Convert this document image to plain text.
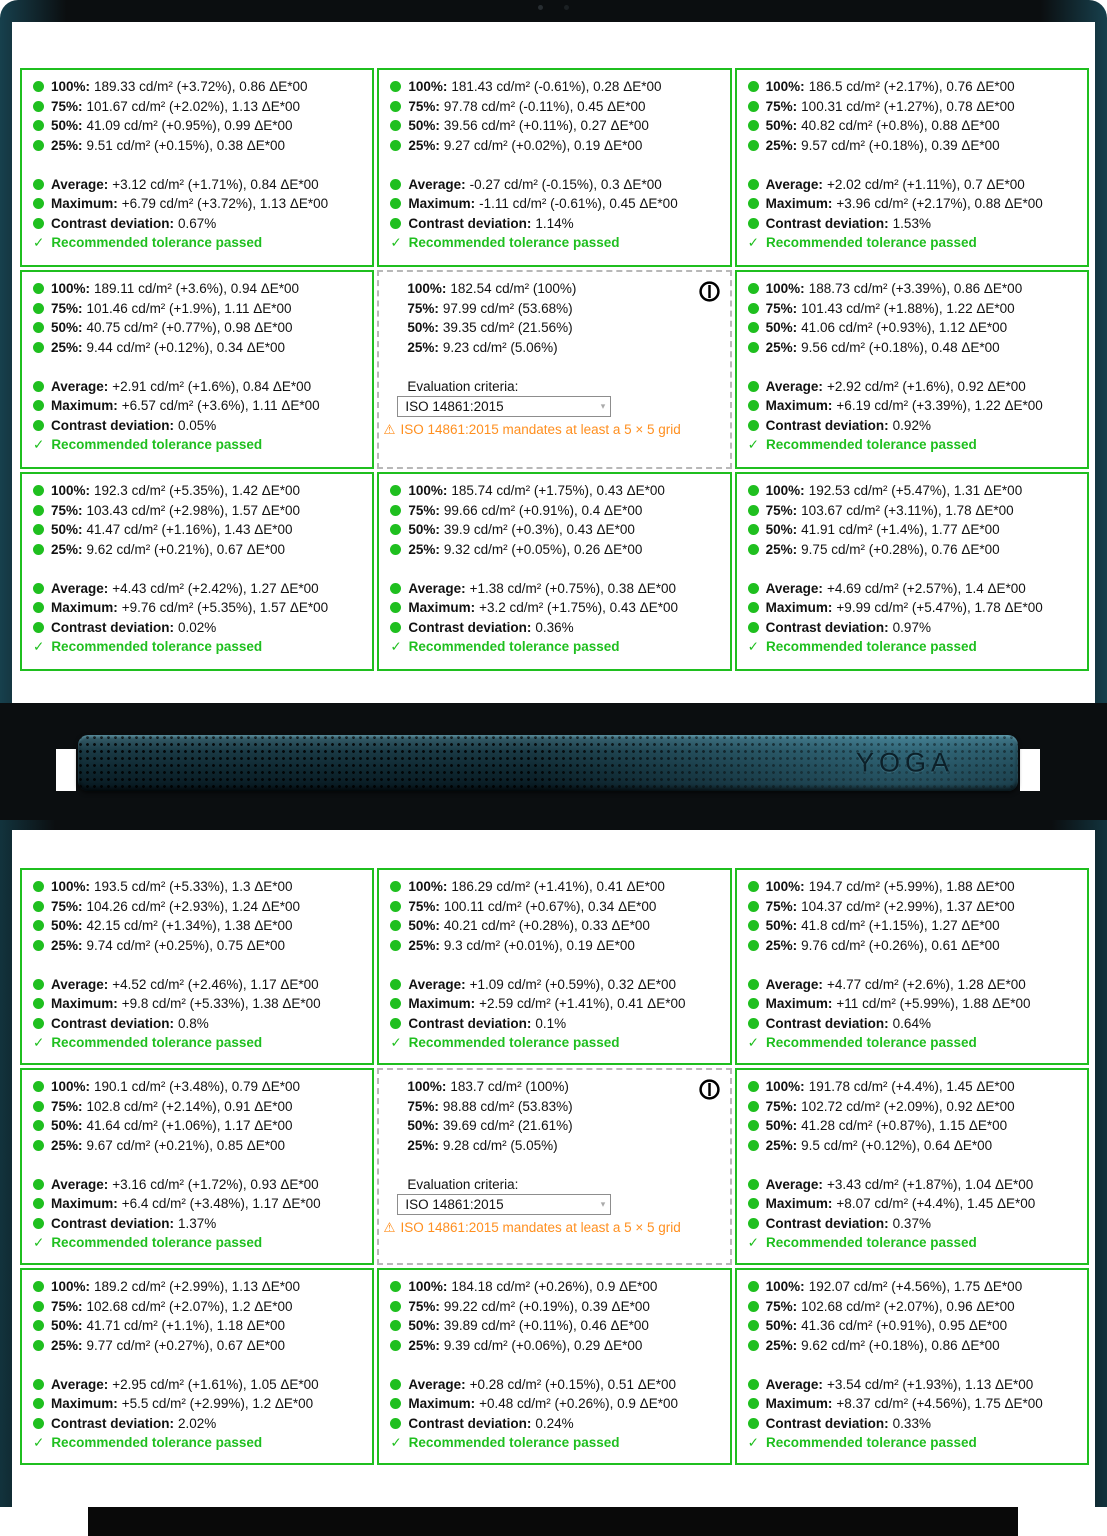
100%: 189.33 cd/m² (+3.72%), 0.86 ΔE*00
75%: 101.67 cd/m² (+2.02%), 1.13 ΔE*00
50%: 41.09 cd/m² (+0.95%), 0.99 ΔE*00
25%: 9.51 cd/m² (+0.15%), 0.38 ΔE*00
Average: +3.12 cd/m² (+1.71%), 0.84 ΔE*00
Maximum: +6.79 cd/m² (+3.72%), 1.13 ΔE*00
Contrast deviation: 0.67%
✓ Recommended tolerance passed
100%: 181.43 cd/m² (-0.61%), 0.28 ΔE*00
75%: 97.78 cd/m² (-0.11%), 0.45 ΔE*00
50%: 39.56 cd/m² (+0.11%), 0.27 ΔE*00
25%: 9.27 cd/m² (+0.02%), 0.19 ΔE*00
Average: -0.27 cd/m² (-0.15%), 0.3 ΔE*00
Maximum: -1.11 cd/m² (-0.61%), 0.45 ΔE*00
Contrast deviation: 1.14%
✓ Recommended tolerance passed
100%: 186.5 cd/m² (+2.17%), 0.76 ΔE*00
75%: 100.31 cd/m² (+1.27%), 0.78 ΔE*00
50%: 40.82 cd/m² (+0.8%), 0.88 ΔE*00
25%: 9.57 cd/m² (+0.18%), 0.39 ΔE*00
Average: +2.02 cd/m² (+1.11%), 0.7 ΔE*00
Maximum: +3.96 cd/m² (+2.17%), 0.88 ΔE*00
Contrast deviation: 1.53%
✓ Recommended tolerance passed
100%: 189.11 cd/m² (+3.6%), 0.94 ΔE*00
75%: 101.46 cd/m² (+1.9%), 1.11 ΔE*00
50%: 40.75 cd/m² (+0.77%), 0.98 ΔE*00
25%: 9.44 cd/m² (+0.12%), 0.34 ΔE*00
Average: +2.91 cd/m² (+1.6%), 0.84 ΔE*00
Maximum: +6.57 cd/m² (+3.6%), 1.11 ΔE*00
Contrast deviation: 0.05%
✓ Recommended tolerance passed
100%: 182.54 cd/m² (100%)
75%: 97.99 cd/m² (53.68%)
50%: 39.35 cd/m² (21.56%)
25%: 9.23 cd/m² (5.06%)
Evaluation criteria:
ISO 14861:2015	▾
⚠ ISO 14861:2015 mandates at least a 5 × 5 grid
100%: 188.73 cd/m² (+3.39%), 0.86 ΔE*00
75%: 101.43 cd/m² (+1.88%), 1.22 ΔE*00
50%: 41.06 cd/m² (+0.93%), 1.12 ΔE*00
25%: 9.56 cd/m² (+0.18%), 0.48 ΔE*00
Average: +2.92 cd/m² (+1.6%), 0.92 ΔE*00
Maximum: +6.19 cd/m² (+3.39%), 1.22 ΔE*00
Contrast deviation: 0.92%
✓ Recommended tolerance passed
100%: 192.3 cd/m² (+5.35%), 1.42 ΔE*00
75%: 103.43 cd/m² (+2.98%), 1.57 ΔE*00
50%: 41.47 cd/m² (+1.16%), 1.43 ΔE*00
25%: 9.62 cd/m² (+0.21%), 0.67 ΔE*00
Average: +4.43 cd/m² (+2.42%), 1.27 ΔE*00
Maximum: +9.76 cd/m² (+5.35%), 1.57 ΔE*00
Contrast deviation: 0.02%
✓ Recommended tolerance passed
100%: 185.74 cd/m² (+1.75%), 0.43 ΔE*00
75%: 99.66 cd/m² (+0.91%), 0.4 ΔE*00
50%: 39.9 cd/m² (+0.3%), 0.43 ΔE*00
25%: 9.32 cd/m² (+0.05%), 0.26 ΔE*00
Average: +1.38 cd/m² (+0.75%), 0.38 ΔE*00
Maximum: +3.2 cd/m² (+1.75%), 0.43 ΔE*00
Contrast deviation: 0.36%
✓ Recommended tolerance passed
100%: 192.53 cd/m² (+5.47%), 1.31 ΔE*00
75%: 103.67 cd/m² (+3.11%), 1.78 ΔE*00
50%: 41.91 cd/m² (+1.4%), 1.77 ΔE*00
25%: 9.75 cd/m² (+0.28%), 0.76 ΔE*00
Average: +4.69 cd/m² (+2.57%), 1.4 ΔE*00
Maximum: +9.99 cd/m² (+5.47%), 1.78 ΔE*00
Contrast deviation: 0.97%
✓ Recommended tolerance passed
YOGA
100%: 193.5 cd/m² (+5.33%), 1.3 ΔE*00
75%: 104.26 cd/m² (+2.93%), 1.24 ΔE*00
50%: 42.15 cd/m² (+1.34%), 1.38 ΔE*00
25%: 9.74 cd/m² (+0.25%), 0.75 ΔE*00
Average: +4.52 cd/m² (+2.46%), 1.17 ΔE*00
Maximum: +9.8 cd/m² (+5.33%), 1.38 ΔE*00
Contrast deviation: 0.8%
✓ Recommended tolerance passed
100%: 186.29 cd/m² (+1.41%), 0.41 ΔE*00
75%: 100.11 cd/m² (+0.67%), 0.34 ΔE*00
50%: 40.21 cd/m² (+0.28%), 0.33 ΔE*00
25%: 9.3 cd/m² (+0.01%), 0.19 ΔE*00
Average: +1.09 cd/m² (+0.59%), 0.32 ΔE*00
Maximum: +2.59 cd/m² (+1.41%), 0.41 ΔE*00
Contrast deviation: 0.1%
✓ Recommended tolerance passed
100%: 194.7 cd/m² (+5.99%), 1.88 ΔE*00
75%: 104.37 cd/m² (+2.99%), 1.37 ΔE*00
50%: 41.8 cd/m² (+1.15%), 1.27 ΔE*00
25%: 9.76 cd/m² (+0.26%), 0.61 ΔE*00
Average: +4.77 cd/m² (+2.6%), 1.28 ΔE*00
Maximum: +11 cd/m² (+5.99%), 1.88 ΔE*00
Contrast deviation: 0.64%
✓ Recommended tolerance passed
100%: 190.1 cd/m² (+3.48%), 0.79 ΔE*00
75%: 102.8 cd/m² (+2.14%), 0.91 ΔE*00
50%: 41.64 cd/m² (+1.06%), 1.17 ΔE*00
25%: 9.67 cd/m² (+0.21%), 0.85 ΔE*00
Average: +3.16 cd/m² (+1.72%), 0.93 ΔE*00
Maximum: +6.4 cd/m² (+3.48%), 1.17 ΔE*00
Contrast deviation: 1.37%
✓ Recommended tolerance passed
100%: 183.7 cd/m² (100%)
75%: 98.88 cd/m² (53.83%)
50%: 39.69 cd/m² (21.61%)
25%: 9.28 cd/m² (5.05%)
Evaluation criteria:
ISO 14861:2015	▾
⚠ ISO 14861:2015 mandates at least a 5 × 5 grid
100%: 191.78 cd/m² (+4.4%), 1.45 ΔE*00
75%: 102.72 cd/m² (+2.09%), 0.92 ΔE*00
50%: 41.28 cd/m² (+0.87%), 1.15 ΔE*00
25%: 9.5 cd/m² (+0.12%), 0.64 ΔE*00
Average: +3.43 cd/m² (+1.87%), 1.04 ΔE*00
Maximum: +8.07 cd/m² (+4.4%), 1.45 ΔE*00
Contrast deviation: 0.37%
✓ Recommended tolerance passed
100%: 189.2 cd/m² (+2.99%), 1.13 ΔE*00
75%: 102.68 cd/m² (+2.07%), 1.2 ΔE*00
50%: 41.71 cd/m² (+1.1%), 1.18 ΔE*00
25%: 9.77 cd/m² (+0.27%), 0.67 ΔE*00
Average: +2.95 cd/m² (+1.61%), 1.05 ΔE*00
Maximum: +5.5 cd/m² (+2.99%), 1.2 ΔE*00
Contrast deviation: 2.02%
✓ Recommended tolerance passed
100%: 184.18 cd/m² (+0.26%), 0.9 ΔE*00
75%: 99.22 cd/m² (+0.19%), 0.39 ΔE*00
50%: 39.89 cd/m² (+0.11%), 0.46 ΔE*00
25%: 9.39 cd/m² (+0.06%), 0.29 ΔE*00
Average: +0.28 cd/m² (+0.15%), 0.51 ΔE*00
Maximum: +0.48 cd/m² (+0.26%), 0.9 ΔE*00
Contrast deviation: 0.24%
✓ Recommended tolerance passed
100%: 192.07 cd/m² (+4.56%), 1.75 ΔE*00
75%: 102.68 cd/m² (+2.07%), 0.96 ΔE*00
50%: 41.36 cd/m² (+0.91%), 0.95 ΔE*00
25%: 9.62 cd/m² (+0.18%), 0.86 ΔE*00
Average: +3.54 cd/m² (+1.93%), 1.13 ΔE*00
Maximum: +8.37 cd/m² (+4.56%), 1.75 ΔE*00
Contrast deviation: 0.33%
✓ Recommended tolerance passed
